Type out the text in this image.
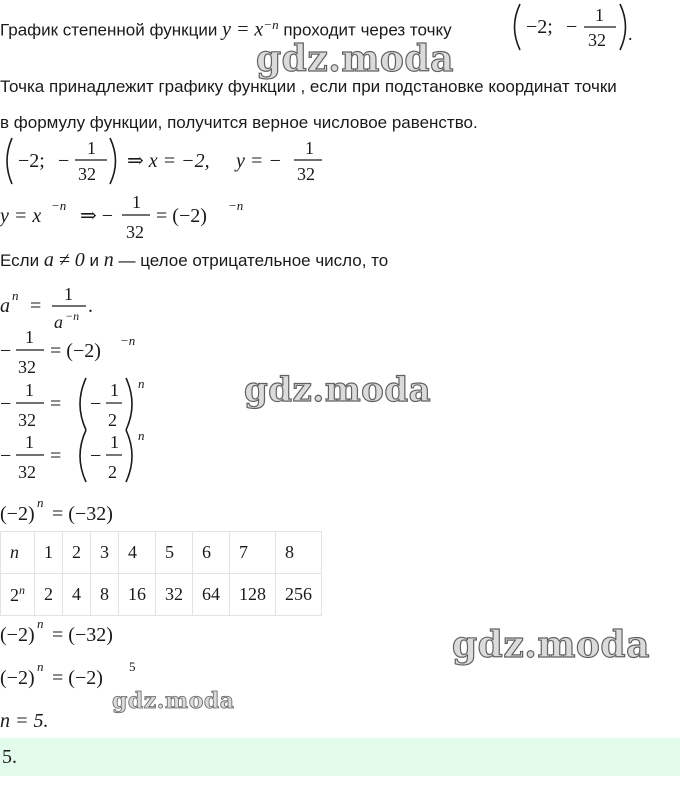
График степенной функции $y = x^{-n}$ проходит через точку	−2; −
1
32 .
gdz.moda
Точка принадлежит графику функции , если при подстановке координат точки
в формулу функции, получится верное числовое равенство.
−2; −
1
32
⇒ x = −2, y = −
1
32
y = x −n ⇒ −
1
32
= (−2) −n
Если a ≠ 0 и n — целое отрицательное число, то
a n =
1
a −n .
−
1
32
= (−2) −n
−
1
32
= −
1
2
n	gdz.moda
−
1
32
= −
1
2
n
(−2)
n
= (−32)
n	1	2	3	4	5	6	7	8
2$^n$	2	4	8	16	32	64	128	256
(−2)
n
= (−32)	gdz.moda
(−2)
n
= (−2)
5
gdz.moda
n = 5.
5.
